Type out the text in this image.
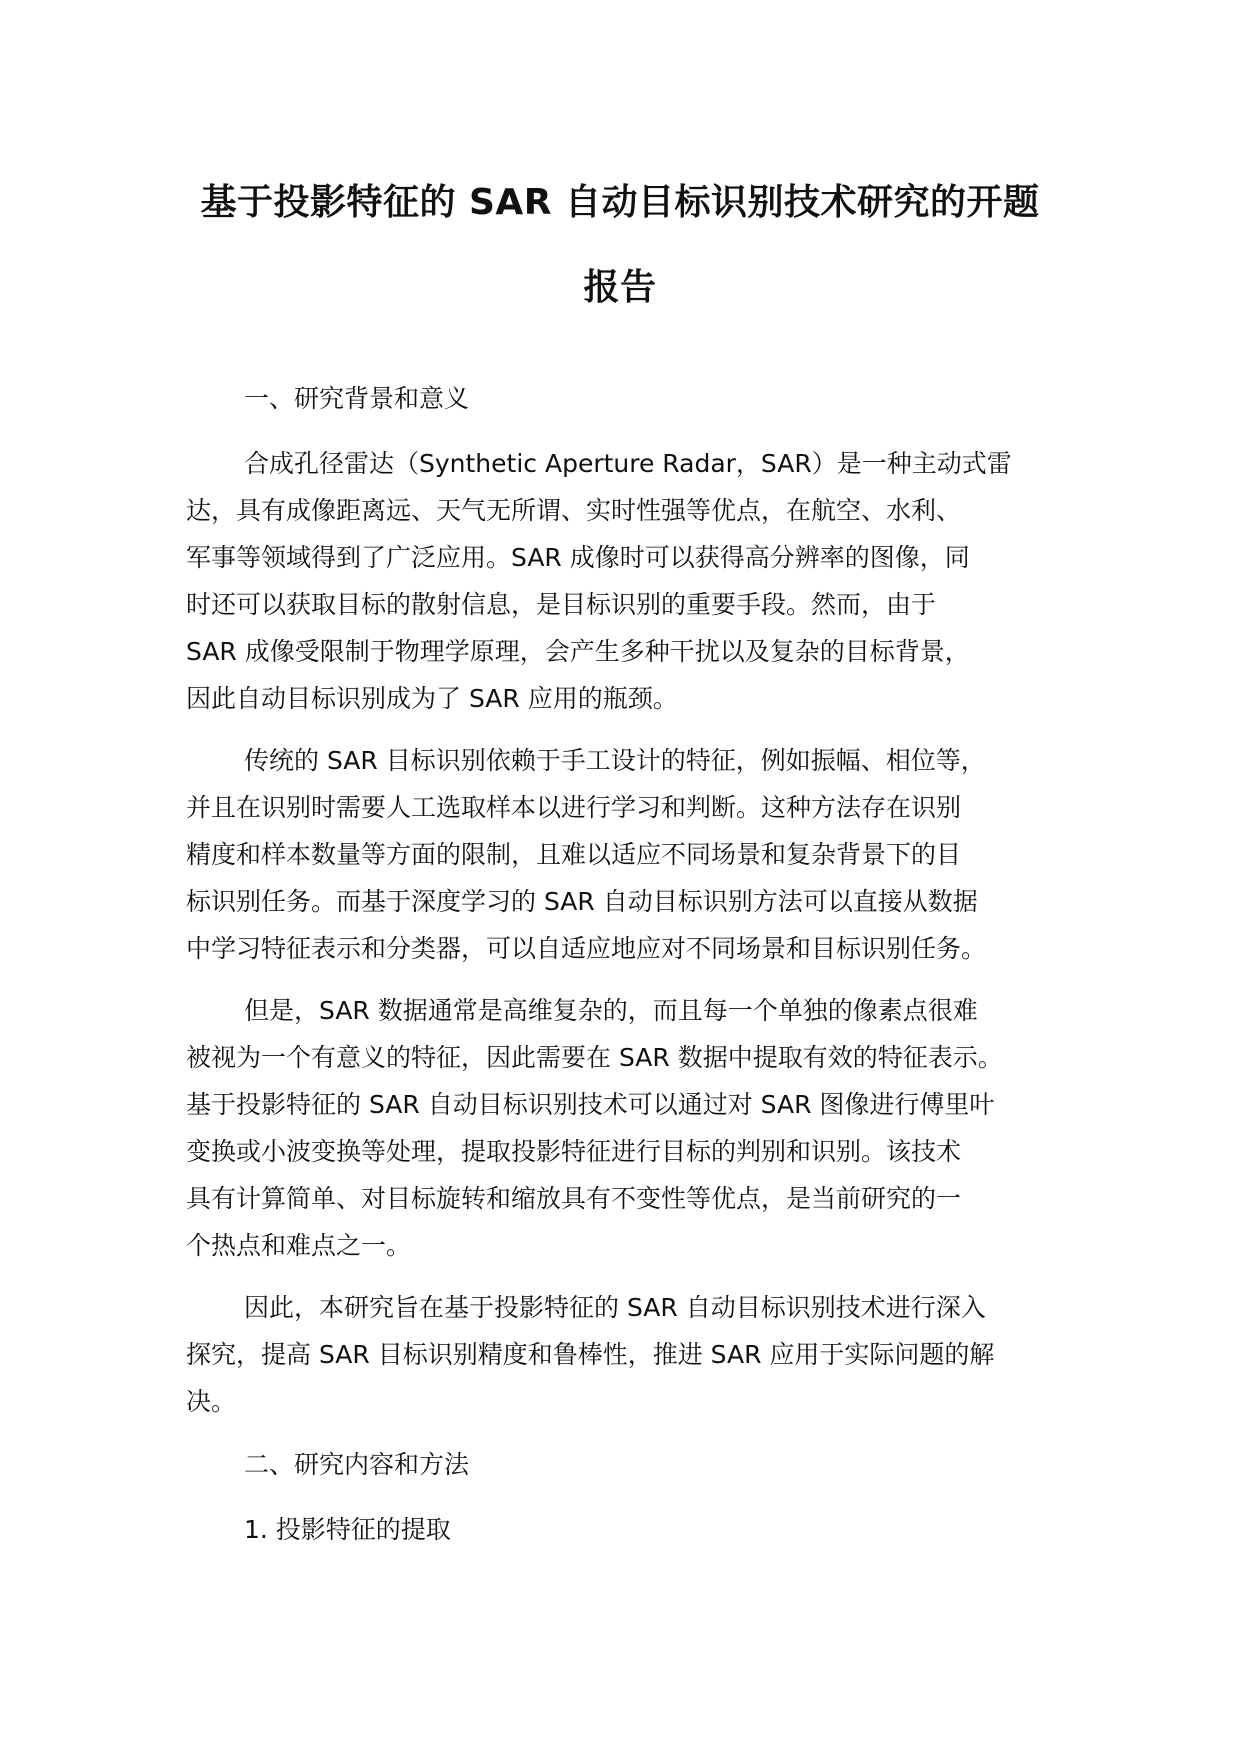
基于投影特征的 SAR 自动目标识别技术研究的开题
报告

一、研究背景和意义

合成孔径雷达（Synthetic Aperture Radar，SAR）是一种主动式雷
达，具有成像距离远、天气无所谓、实时性强等优点，在航空、水利、
军事等领域得到了广泛应用。SAR 成像时可以获得高分辨率的图像，同
时还可以获取目标的散射信息，是目标识别的重要手段。然而，由于
SAR 成像受限制于物理学原理，会产生多种干扰以及复杂的目标背景，
因此自动目标识别成为了 SAR 应用的瓶颈。

传统的 SAR 目标识别依赖于手工设计的特征，例如振幅、相位等，
并且在识别时需要人工选取样本以进行学习和判断。这种方法存在识别
精度和样本数量等方面的限制，且难以适应不同场景和复杂背景下的目
标识别任务。而基于深度学习的 SAR 自动目标识别方法可以直接从数据
中学习特征表示和分类器，可以自适应地应对不同场景和目标识别任务。

但是，SAR 数据通常是高维复杂的，而且每一个单独的像素点很难
被视为一个有意义的特征，因此需要在 SAR 数据中提取有效的特征表示。
基于投影特征的 SAR 自动目标识别技术可以通过对 SAR 图像进行傅里叶
变换或小波变换等处理，提取投影特征进行目标的判别和识别。该技术
具有计算简单、对目标旋转和缩放具有不变性等优点，是当前研究的一
个热点和难点之一。

因此，本研究旨在基于投影特征的 SAR 自动目标识别技术进行深入
探究，提高 SAR 目标识别精度和鲁棒性，推进 SAR 应用于实际问题的解
决。

二、研究内容和方法

1. 投影特征的提取
